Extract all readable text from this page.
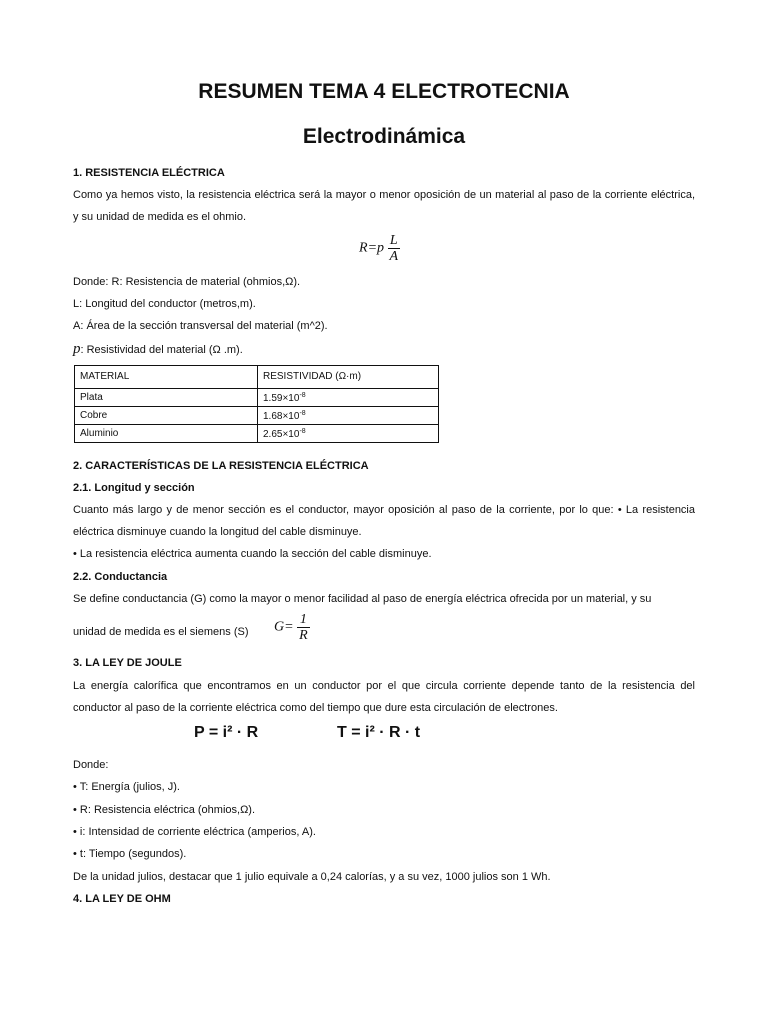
RESUMEN TEMA 4 ELECTROTECNIA
Electrodinámica
1. RESISTENCIA ELÉCTRICA
Como ya hemos visto, la resistencia eléctrica será la mayor o menor oposición de un material al paso de la corriente eléctrica, y su unidad de medida es el ohmio.
$R=p \frac{L}{A}$
Donde: R: Resistencia de material (ohmios,Ω).
L: Longitud del conductor (metros,m).
A: Área de la sección transversal del material (m^2).
p: Resistividad del material (Ω .m).
MATERIAL	RESISTIVIDAD (Ω·m)
Plata	$1.59\times 10^{-8}$
Cobre	$1.68\times 10^{-8}$
Aluminio	$2.65\times 10^{-8}$
2. CARACTERÍSTICAS DE LA RESISTENCIA ELÉCTRICA
2.1. Longitud y sección
Cuanto más largo y de menor sección es el conductor, mayor oposición al paso de la corriente, por lo que: • La resistencia eléctrica disminuye cuando la longitud del cable disminuye.
• La resistencia eléctrica aumenta cuando la sección del cable disminuye.
2.2. Conductancia
Se define conductancia (G) como la mayor o menor facilidad al paso de energía eléctrica ofrecida por un material, y su
unidad de medida es el siemens (S) $G= \frac{1}{R}$
3. LA LEY DE JOULE
La energía calorífica que encontramos en un conductor por el que circula corriente depende tanto de la resistencia del conductor al paso de la corriente eléctrica como del tiempo que dure esta circulación de electrones.
P = i² · R	T = i² · R · t
Donde:
• T: Energía (julios, J).
• R: Resistencia eléctrica (ohmios,Ω).
• i: Intensidad de corriente eléctrica (amperios, A).
• t: Tiempo (segundos).
De la unidad julios, destacar que 1 julio equivale a 0,24 calorías, y a su vez, 1000 julios son 1 Wh.
4. LA LEY DE OHM
